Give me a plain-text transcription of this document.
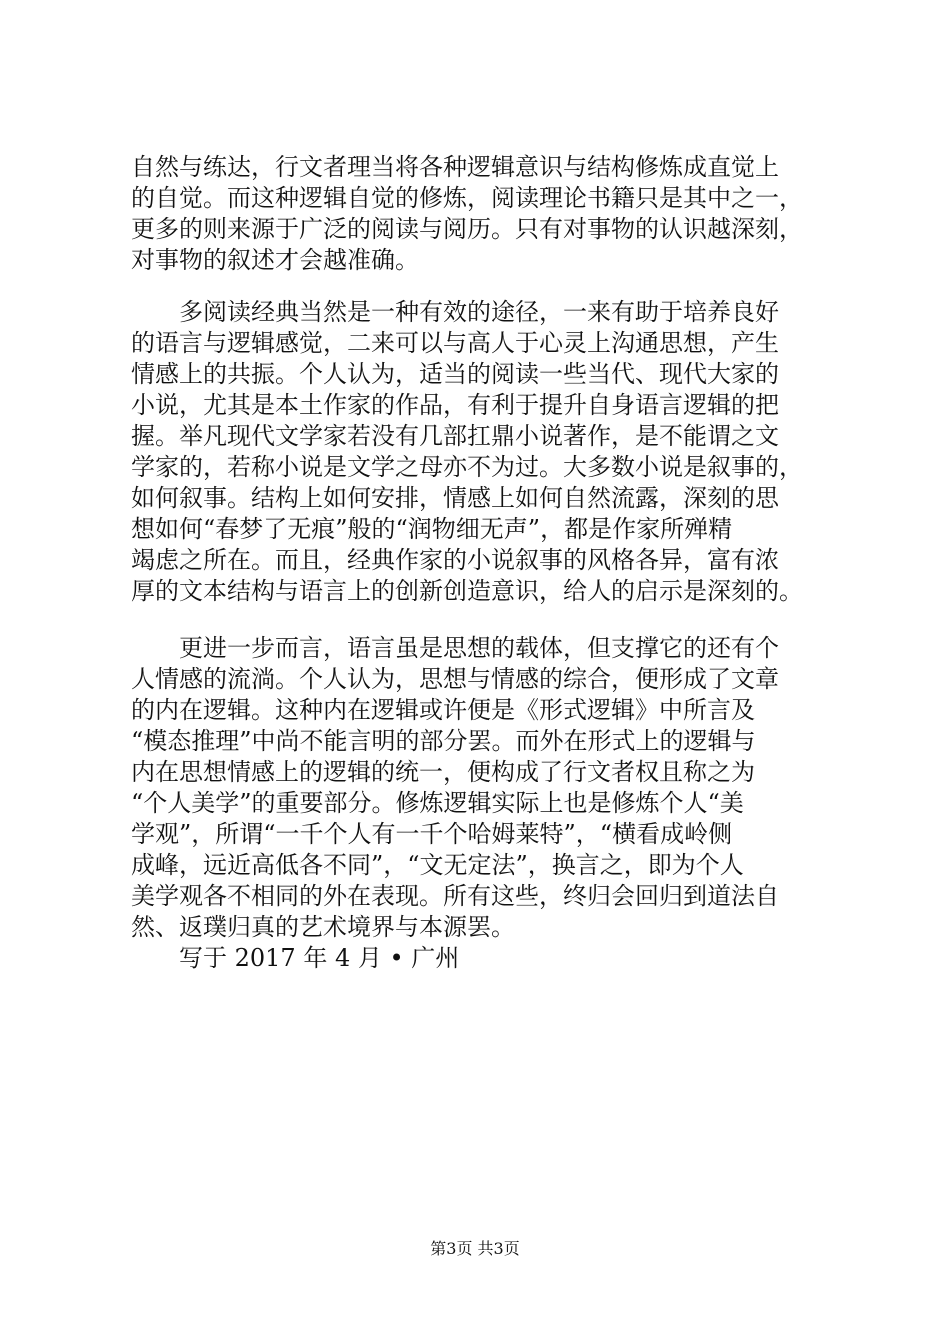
自然与练达，行文者理当将各种逻辑意识与结构修炼成直觉上
的自觉。而这种逻辑自觉的修炼，阅读理论书籍只是其中之一，
更多的则来源于广泛的阅读与阅历。只有对事物的认识越深刻，
对事物的叙述才会越准确。
　　多阅读经典当然是一种有效的途径，一来有助于培养良好
的语言与逻辑感觉，二来可以与高人于心灵上沟通思想，产生
情感上的共振。个人认为，适当的阅读一些当代、现代大家的
小说，尤其是本土作家的作品，有利于提升自身语言逻辑的把
握。举凡现代文学家若没有几部扛鼎小说著作，是不能谓之文
学家的，若称小说是文学之母亦不为过。大多数小说是叙事的，
如何叙事。结构上如何安排，情感上如何自然流露，深刻的思
想如何“春梦了无痕”般的“润物细无声”，都是作家所殚精
竭虑之所在。而且，经典作家的小说叙事的风格各异，富有浓
厚的文本结构与语言上的创新创造意识，给人的启示是深刻的。
　　更进一步而言，语言虽是思想的载体，但支撑它的还有个
人情感的流淌。个人认为，思想与情感的综合，便形成了文章
的内在逻辑。这种内在逻辑或许便是《形式逻辑》中所言及
“模态推理”中尚不能言明的部分罢。而外在形式上的逻辑与
内在思想情感上的逻辑的统一，便构成了行文者权且称之为
“个人美学”的重要部分。修炼逻辑实际上也是修炼个人“美
学观”，所谓“一千个人有一千个哈姆莱特”，“横看成岭侧
成峰，远近高低各不同”，“文无定法”，换言之，即为个人
美学观各不相同的外在表现。所有这些，终归会回归到道法自
然、返璞归真的艺术境界与本源罢。
　　写于 2017 年 4 月 • 广州
第3页 共3页
